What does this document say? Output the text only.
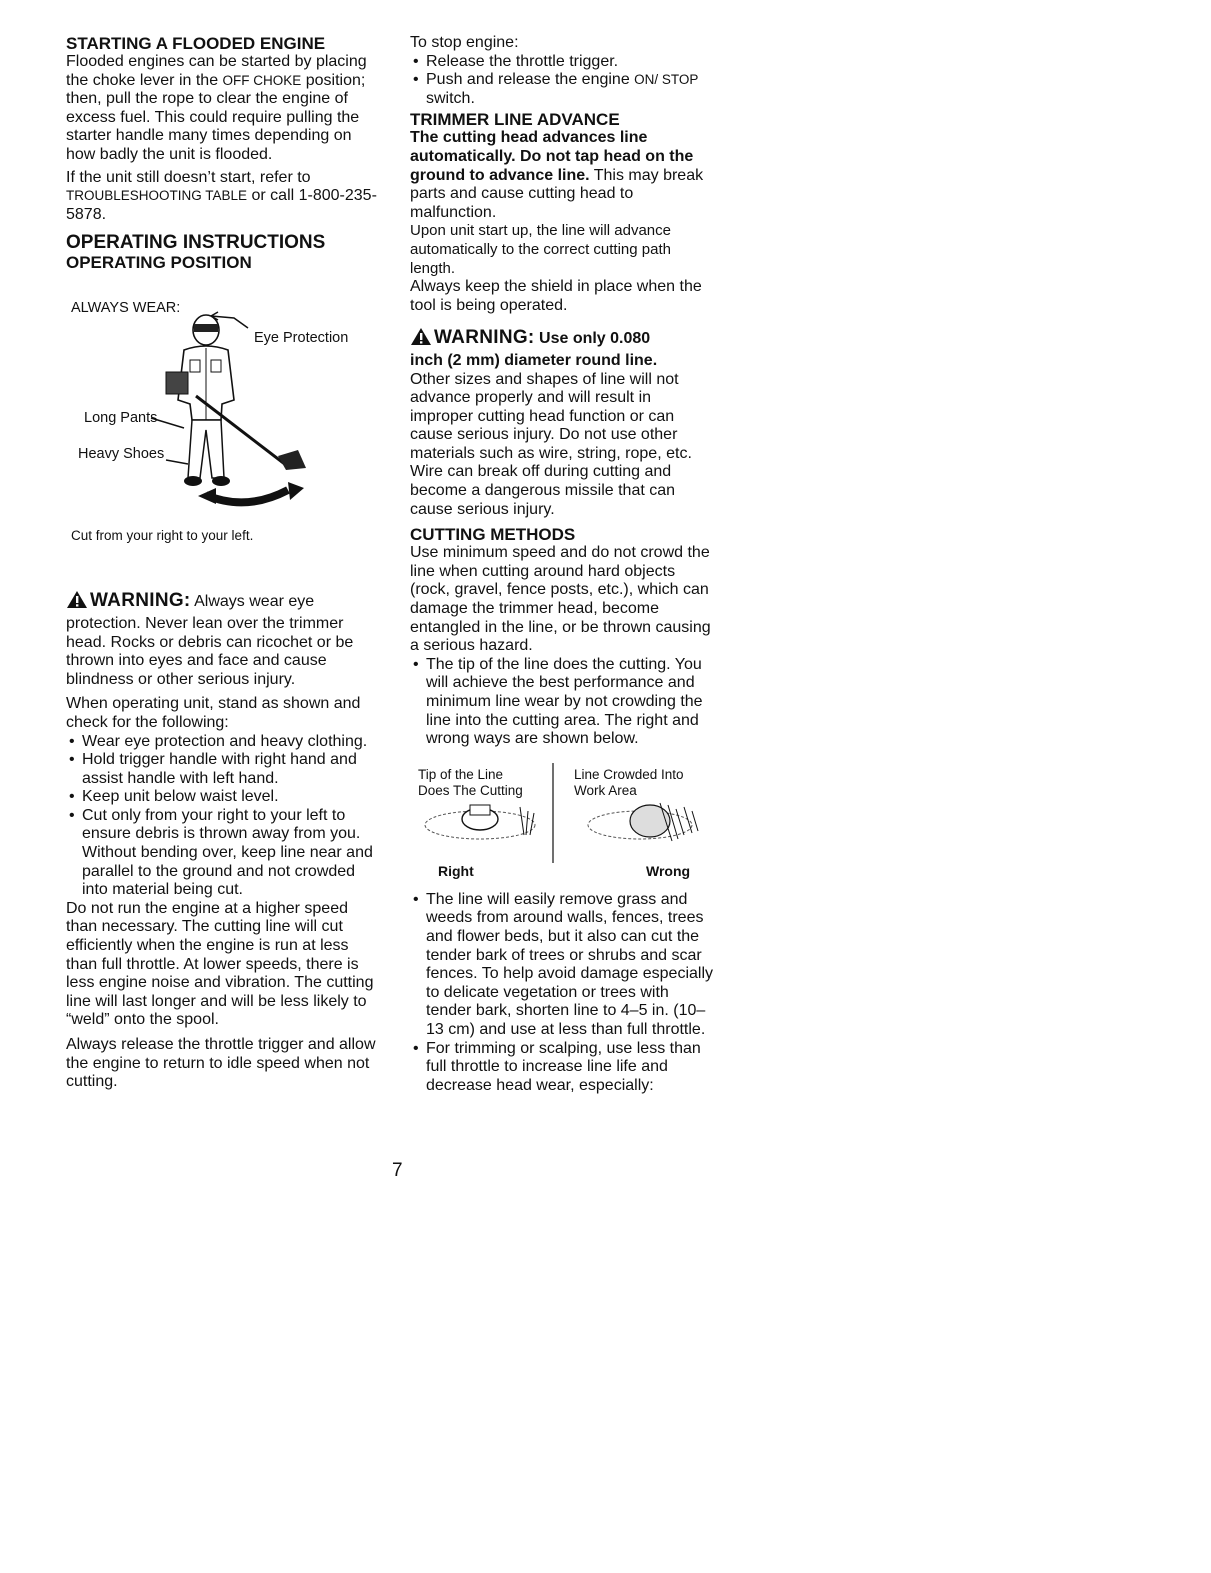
STARTING A FLOODED ENGINE

Flooded engines can be started by placing the choke lever in the OFF CHOKE position; then, pull the rope to clear the engine of excess fuel. This could require pulling the starter handle many times depending on how badly the unit is flooded.

If the unit still doesn’t start, refer to TROUBLESHOOTING TABLE or call 1-800-235-5878.

OPERATING INSTRUCTIONS
OPERATING POSITION
ALWAYS WEAR:
Eye Protection
Long Pants
Heavy Shoes
Cut from your right to your left.

WARNING: Always wear eye

protection. Never lean over the trimmer head. Rocks or debris can ricochet or be thrown into eyes and face and cause blindness or other serious injury.

When operating unit, stand as shown and check for the following:

• Wear eye protection and heavy clothing.
• Hold trigger handle with right hand and assist handle with left hand.
• Keep unit below waist level.
• Cut only from your right to your left to ensure debris is thrown away from you. Without bending over, keep line near and parallel to the ground and not crowded into material being cut.

Do not run the engine at a higher speed than necessary. The cutting line will cut efficiently when the engine is run at less than full throttle. At lower speeds, there is less engine noise and vibration. The cutting line will last longer and will be less likely to “weld” onto the spool.

Always release the throttle trigger and allow the engine to return to idle speed when not cutting.

To stop engine:

• Release the throttle trigger.
• Push and release the engine ON/ STOP switch.
TRIMMER LINE ADVANCE

The cutting head advances line automatically. Do not tap head on the ground to advance line. This may break parts and cause cutting head to malfunction.

Upon unit start up, the line will advance automatically to the correct cutting path length.

Always keep the shield in place when the tool is being operated.

WARNING: Use only 0.080

inch (2 mm) diameter round line.

Other sizes and shapes of line will not advance properly and will result in improper cutting head function or can cause serious injury. Do not use other materials such as wire, string, rope, etc. Wire can break off during cutting and become a dangerous missile that can cause serious injury.

CUTTING METHODS

Use minimum speed and do not crowd the line when cutting around hard objects (rock, gravel, fence posts, etc.), which can damage the trimmer head, become entangled in the line, or be thrown causing a serious hazard.

• The tip of the line does the cutting. You will achieve the best performance and minimum line wear by not crowding the line into the cutting area. The right and wrong ways are shown below.
Tip of the Line
Does The Cutting
Line Crowded Into
Work Area
Right	Wrong
• The line will easily remove grass and weeds from around walls, fences, trees and flower beds, but it also can cut the tender bark of trees or shrubs and scar fences. To help avoid damage especially to delicate vegetation or trees with tender bark, shorten line to 4–5 in. (10–13 cm) and use at less than full throttle.
• For trimming or scalping, use less than full throttle to increase line life and decrease head wear, especially:
7
